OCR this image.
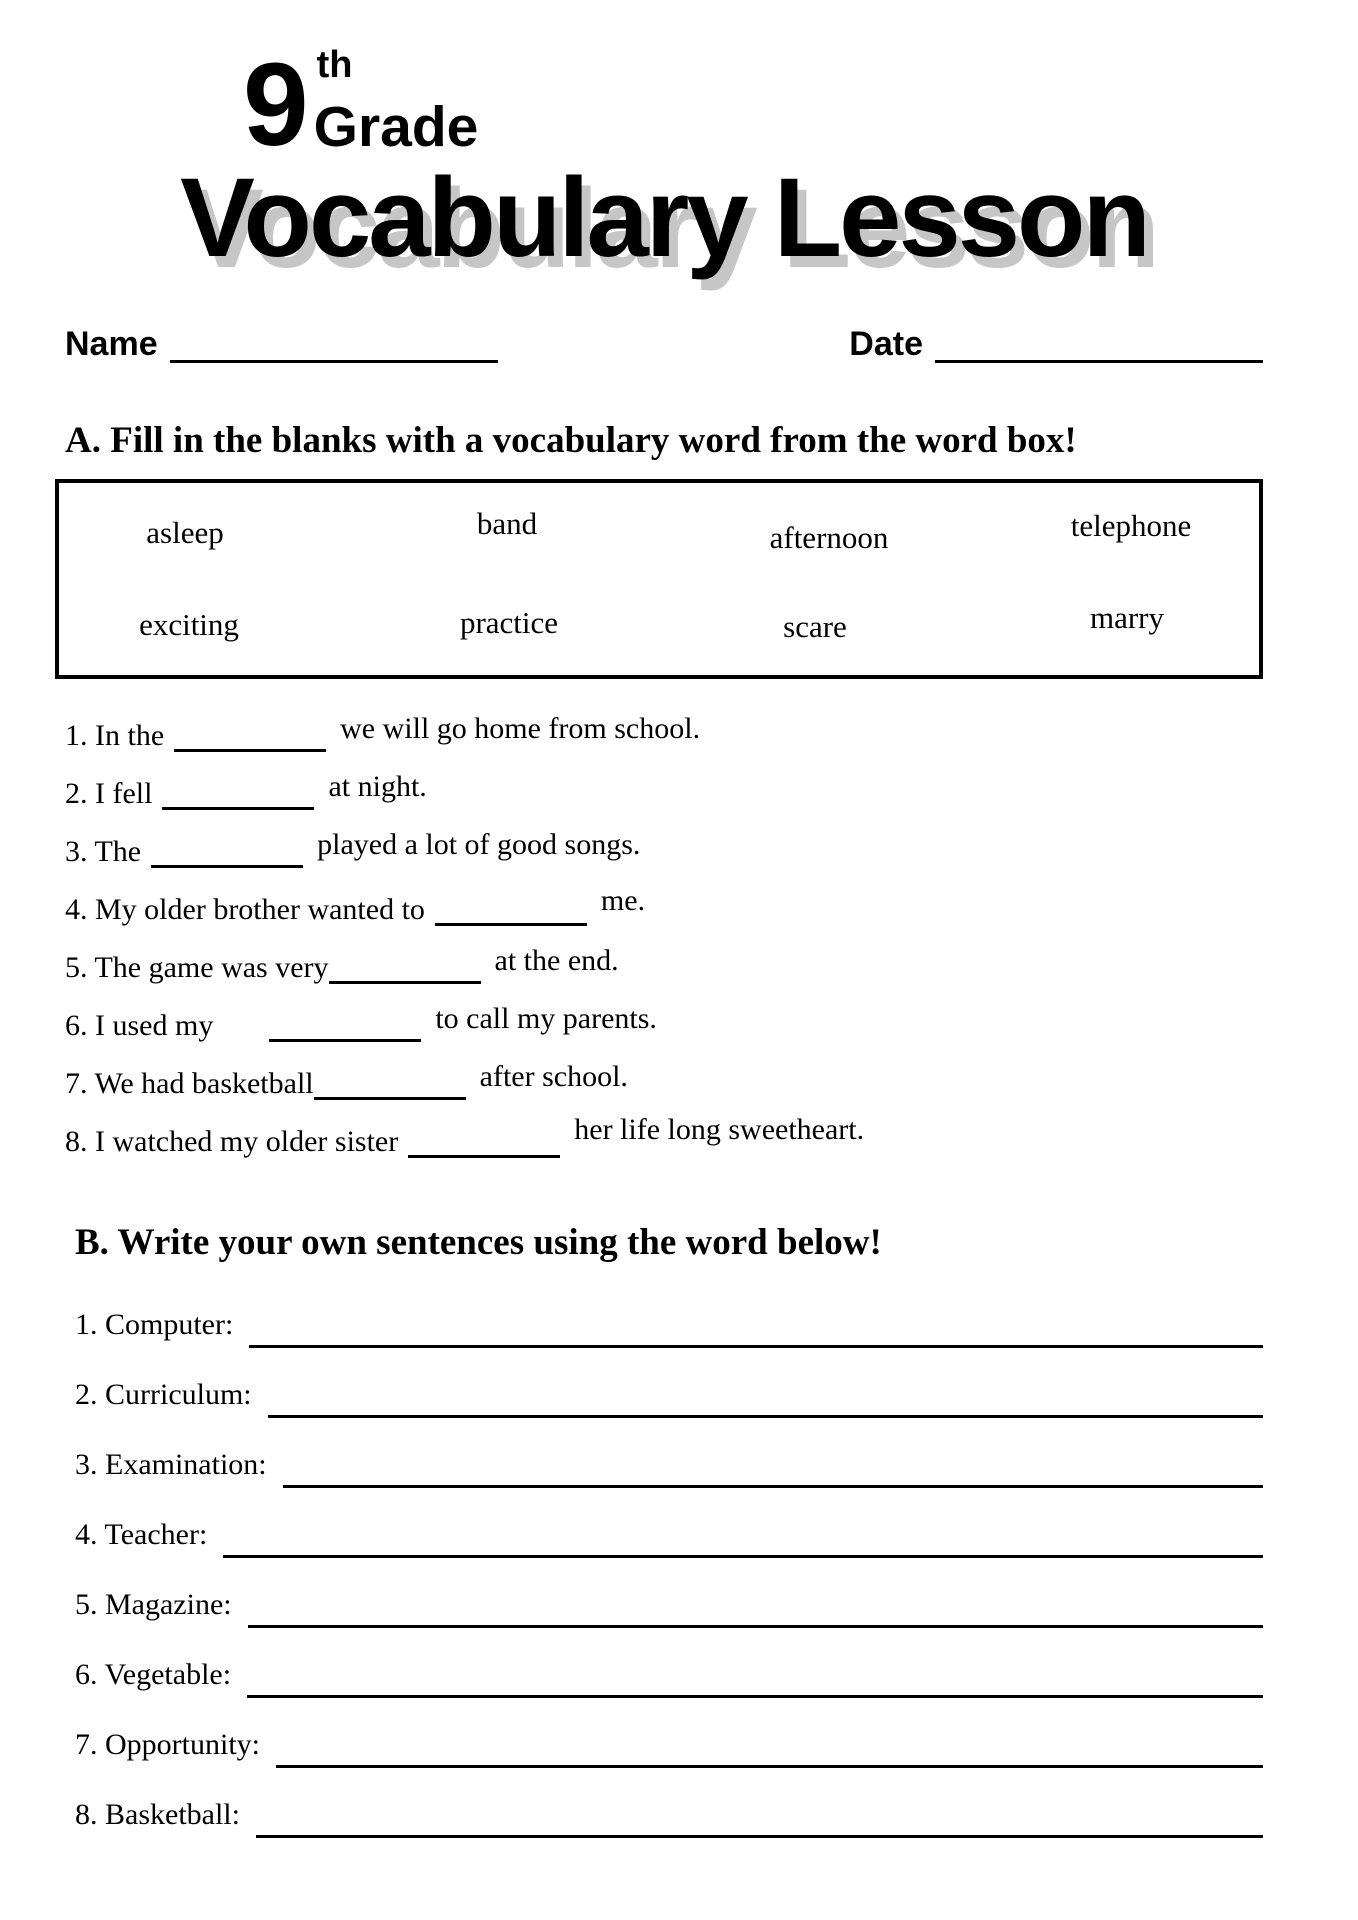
9 th
Grade
Vocabulary Lesson
Name	Date
A. Fill in the blanks with a vocabulary word from the word box!
asleep	band	afternoon	telephone
exciting	practice	scare	marry
1. In the	we will go home from school.
2. I fell	at night.
3. The	played a lot of good songs.
4. My older brother wanted to	me.
5. The game was very	at the end.
6. I used my	to call my parents.
7. We had basketball	after school.
8. I watched my older sister	her life long sweetheart.
B. Write your own sentences using the word below!
1. Computer:
2. Curriculum:
3. Examination:
4. Teacher:
5. Magazine:
6. Vegetable:
7. Opportunity:
8. Basketball:
